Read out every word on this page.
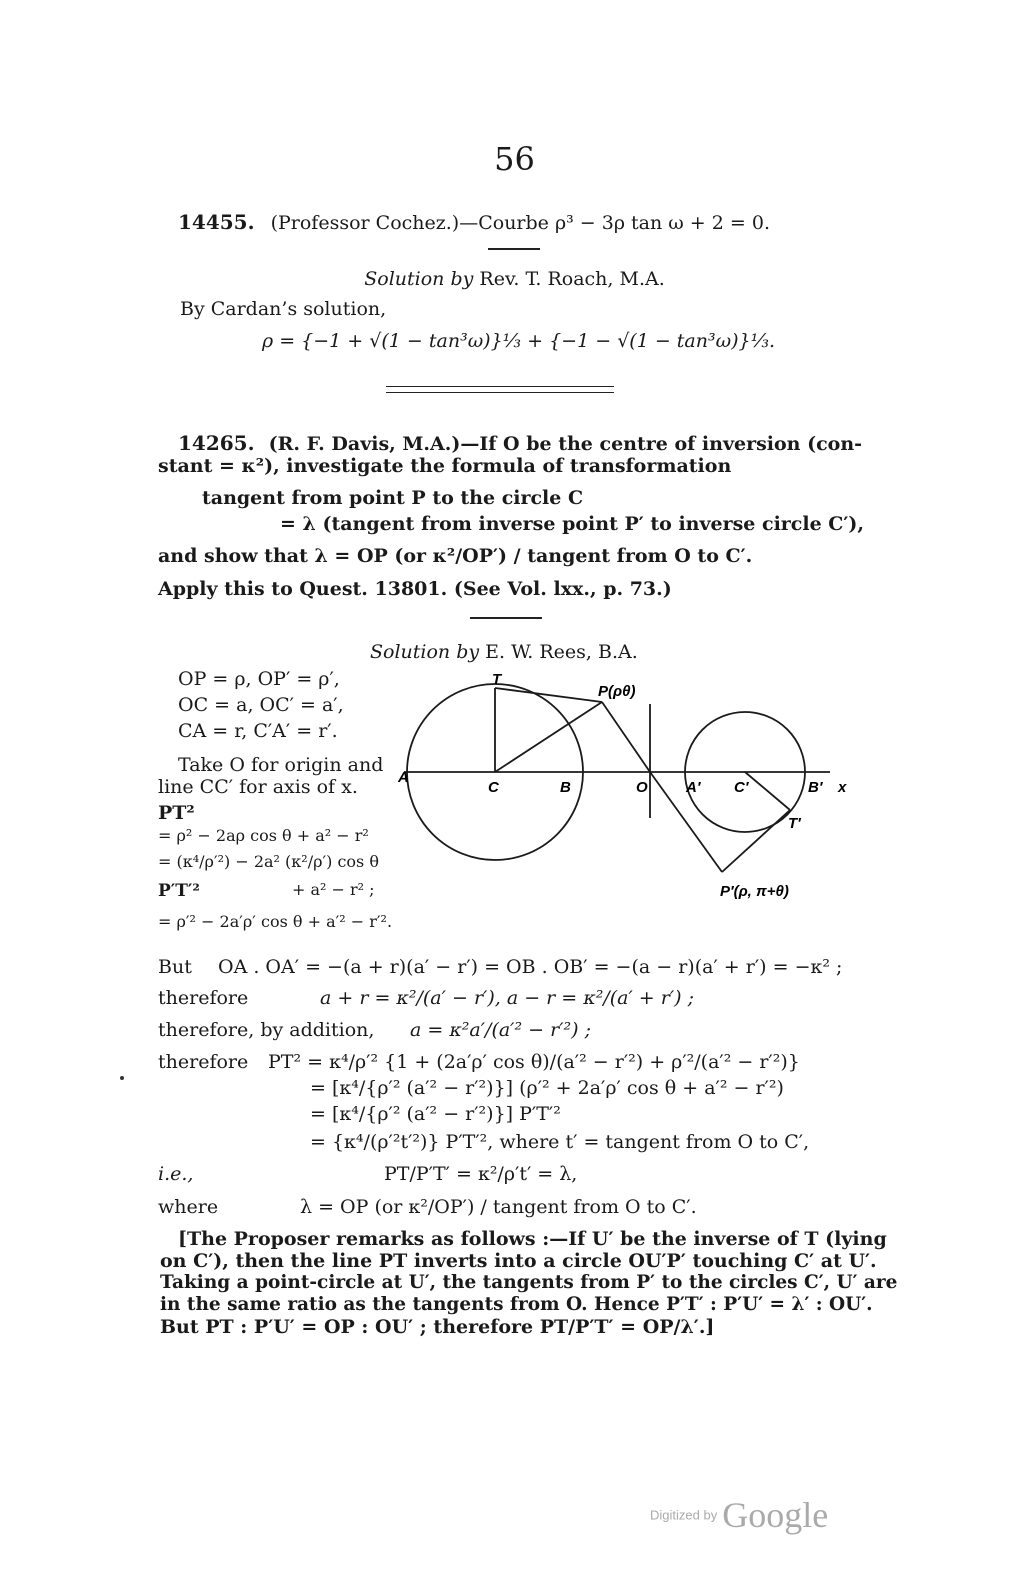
56
14455. (Professor Cochez.)—Courbe ρ³ − 3ρ tan ω + 2 = 0.
Solution by Rev. T. Roach, M.A.
By Cardan’s solution,
ρ = {−1 + √(1 − tan³ω)}⅓ + {−1 − √(1 − tan³ω)}⅓.
14265. (R. F. Davis, M.A.)—If O be the centre of inversion (con-
stant = κ²), investigate the formula of transformation
tangent from point P to the circle C
= λ (tangent from inverse point P′ to inverse circle C′),
and show that λ = OP (or κ²/OP′) / tangent from O to C′.
Apply this to Quest. 13801. (See Vol. lxx., p. 73.)
Solution by E. W. Rees, B.A.
OP = ρ, OP′ = ρ′,
OC = a, OC′ = a′,
CA = r, C′A′ = r′.
Take O for origin and
line CC′ for axis of x.
PT²
= ρ² − 2aρ cos θ + a² − r²
= (κ⁴/ρ′²) − 2a² (κ²/ρ′) cos θ
P′T′²	+ a² − r² ;
= ρ′² − 2a′ρ′ cos θ + a′² − r′².
T
P(ρθ)
A
C	B	O	A′ C′	B′ x
T′
P′(ρ, π+θ)
But OA . OA′ = −(a + r)(a′ − r′) = OB . OB′ = −(a − r)(a′ + r′) = −κ² ;
therefore	a + r = κ²/(a′ − r′), a − r = κ²/(a′ + r′) ;
therefore, by addition, a = κ²a′/(a′² − r′²) ;
therefore PT² = κ⁴/ρ′² {1 + (2a′ρ′ cos θ)/(a′² − r′²) + ρ′²/(a′² − r′²)}
= [κ⁴/{ρ′² (a′² − r′²)}] (ρ′² + 2a′ρ′ cos θ + a′² − r′²)
= [κ⁴/{ρ′² (a′² − r′²)}] P′T′²
= {κ⁴/(ρ′²t′²)} P′T′², where t′ = tangent from O to C′,
i.e.,	PT/P′T′ = κ²/ρ′t′ = λ,
where	λ = OP (or κ²/OP′) / tangent from O to C′.
[The Proposer remarks as follows :—If U′ be the inverse of T (lying
on C′), then the line PT inverts into a circle OU′P′ touching C′ at U′.
Taking a point-circle at U′, the tangents from P′ to the circles C′, U′ are
in the same ratio as the tangents from O. Hence P′T′ : P′U′ = λ′ : OU′.
But PT : P′U′ = OP : OU′ ; therefore PT/P′T′ = OP/λ′.]
Digitized by Google
